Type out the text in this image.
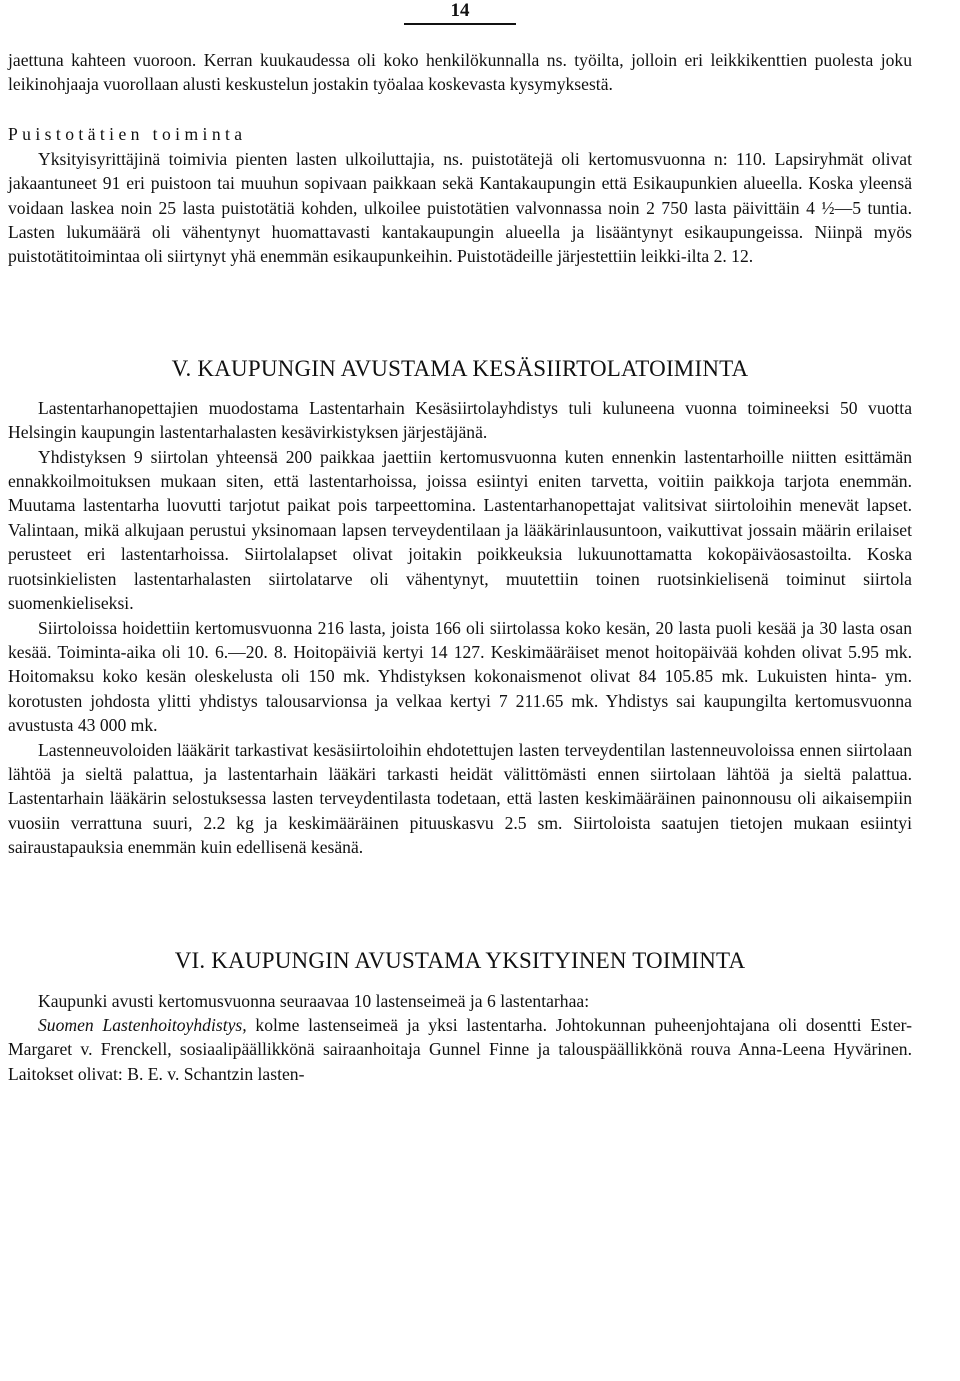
14

jaettuna kahteen vuoroon. Kerran kuukaudessa oli koko henkilökunnalla ns. työilta, jolloin eri leikkikenttien puolesta joku leikinohjaaja vuorollaan alusti keskustelun jostakin työalaa koskevasta kysymyksestä.

Puistotätien toiminta

Yksityisyrittäjinä toimivia pienten lasten ulkoiluttajia, ns. puistotätejä oli kertomusvuonna n: 110. Lapsiryhmät olivat jakaantuneet 91 eri puistoon tai muuhun sopivaan paikkaan sekä Kantakaupungin että Esikaupunkien alueella. Koska yleensä voidaan laskea noin 25 lasta puistotätiä kohden, ulkoilee puistotätien valvonnassa noin 2 750 lasta päivittäin 4 ½—5 tuntia. Lasten lukumäärä oli vähentynyt huomattavasti kantakaupungin alueella ja lisääntynyt esikaupungeissa. Niinpä myös puistotätitoimintaa oli siirtynyt yhä enemmän esikaupunkeihin. Puistotädeille järjestettiin leikki-ilta 2. 12.

V. KAUPUNGIN AVUSTAMA KESÄSIIRTOLATOIMINTA

Lastentarhanopettajien muodostama Lastentarhain Kesäsiirtolayhdistys tuli kuluneena vuonna toimineeksi 50 vuotta Helsingin kaupungin lastentarhalasten kesävirkistyksen järjestäjänä.

Yhdistyksen 9 siirtolan yhteensä 200 paikkaa jaettiin kertomusvuonna kuten ennenkin lastentarhoille niitten esittämän ennakkoilmoituksen mukaan siten, että lastentarhoissa, joissa esiintyi eniten tarvetta, voitiin paikkoja tarjota enemmän. Muutama lastentarha luovutti tarjotut paikat pois tarpeettomina. Lastentarhanopettajat valitsivat siirtoloihin menevät lapset. Valintaan, mikä alkujaan perustui yksinomaan lapsen terveydentilaan ja lääkärinlausuntoon, vaikuttivat jossain määrin erilaiset perusteet eri lastentarhoissa. Siirtolalapset olivat joitakin poikkeuksia lukuunottamatta kokopäiväosastoilta. Koska ruotsinkielisten lastentarhalasten siirtolatarve oli vähentynyt, muutettiin toinen ruotsinkielisenä toiminut siirtola suomenkieliseksi.

Siirtoloissa hoidettiin kertomusvuonna 216 lasta, joista 166 oli siirtolassa koko kesän, 20 lasta puoli kesää ja 30 lasta osan kesää. Toiminta-aika oli 10. 6.—20. 8. Hoitopäiviä kertyi 14 127. Keskimääräiset menot hoitopäivää kohden olivat 5.95 mk. Hoitomaksu koko kesän oleskelusta oli 150 mk. Yhdistyksen kokonaismenot olivat 84 105.85 mk. Lukuisten hinta- ym. korotusten johdosta ylitti yhdistys talousarvionsa ja velkaa kertyi 7 211.65 mk. Yhdistys sai kaupungilta kertomusvuonna avustusta 43 000 mk.

Lastenneuvoloiden lääkärit tarkastivat kesäsiirtoloihin ehdotettujen lasten terveydentilan lastenneuvoloissa ennen siirtolaan lähtöä ja sieltä palattua, ja lastentarhain lääkäri tarkasti heidät välittömästi ennen siirtolaan lähtöä ja sieltä palattua. Lastentarhain lääkärin selostuksessa lasten terveydentilasta todetaan, että lasten keskimääräinen painonnousu oli aikaisempiin vuosiin verrattuna suuri, 2.2 kg ja keskimääräinen pituuskasvu 2.5 sm. Siirtoloista saatujen tietojen mukaan esiintyi sairaustapauksia enemmän kuin edellisenä kesänä.

VI. KAUPUNGIN AVUSTAMA YKSITYINEN TOIMINTA

Kaupunki avusti kertomusvuonna seuraavaa 10 lastenseimeä ja 6 lastentarhaa:

Suomen Lastenhoitoyhdistys, kolme lastenseimeä ja yksi lastentarha. Johtokunnan puheenjohtajana oli dosentti Ester-Margaret v. Frenckell, sosiaalipäällikkönä sairaanhoitaja Gunnel Finne ja talouspäällikkönä rouva Anna-Leena Hyvärinen. Laitokset olivat: B. E. v. Schantzin lasten-
